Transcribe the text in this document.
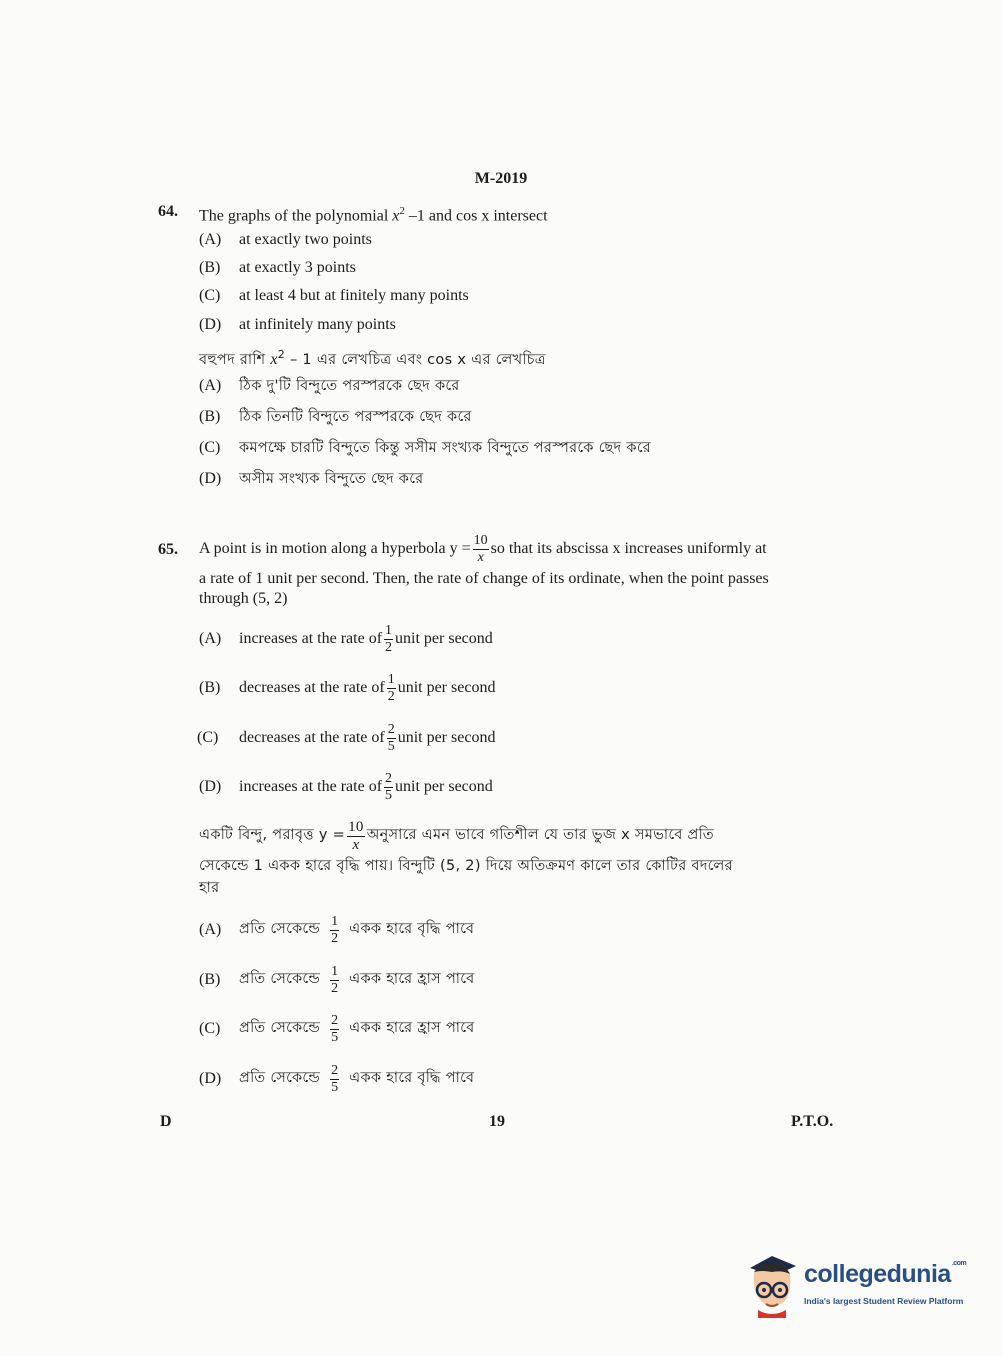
M-2019
64. The graphs of the polynomial $x^2$ –1 and cos x intersect
(A) at exactly two points
(B) at exactly 3 points
(C) at least 4 but at finitely many points
(D) at infinitely many points
বহুপদ রাশি $x^2 - 1$ এর লেখচিত্র এবং cos x এর লেখচিত্র
(A) ঠিক দু'টি বিন্দুতে পরস্পরকে ছেদ করে
(B) ঠিক তিনটি বিন্দুতে পরস্পরকে ছেদ করে
(C) কমপক্ষে চারটি বিন্দুতে কিন্তু সসীম সংখ্যক বিন্দুতে পরস্পরকে ছেদ করে
(D) অসীম সংখ্যক বিন্দুতে ছেদ করে
65. A point is in motion along a hyperbola $y = \frac{10}{x}$ so that its abscissa x increases uniformly at
a rate of 1 unit per second. Then, the rate of change of its ordinate, when the point passes
through (5, 2)
(A)	increases at the rate of $\frac{1}{2}$ unit per second
(B)	decreases at the rate of $\frac{1}{2}$ unit per second
(C)	decreases at the rate of $\frac{2}{5}$ unit per second
(D)	increases at the rate of $\frac{2}{5}$ unit per second
একটি বিন্দু, পরাবৃত্ত $y = \frac{10}{x}$ অনুসারে এমন ভাবে গতিশীল যে তার ভুজ x সমভাবে প্রতি
সেকেন্ডে 1 একক হারে বৃদ্ধি পায়। বিন্দুটি (5, 2) দিয়ে অতিক্রমণ কালে তার কোটির বদলের
হার
(A)	প্রতি সেকেন্ডে $\frac{1}{2}$ একক হারে বৃদ্ধি পাবে
(B)	প্রতি সেকেন্ডে $\frac{1}{2}$ একক হারে হ্রাস পাবে
(C)	প্রতি সেকেন্ডে $\frac{2}{5}$ একক হারে হ্রাস পাবে
(D)	প্রতি সেকেন্ডে $\frac{2}{5}$ একক হারে বৃদ্ধি পাবে
D	19	P.T.O.
collegedunia$^{.com}$
India's largest Student Review Platform
